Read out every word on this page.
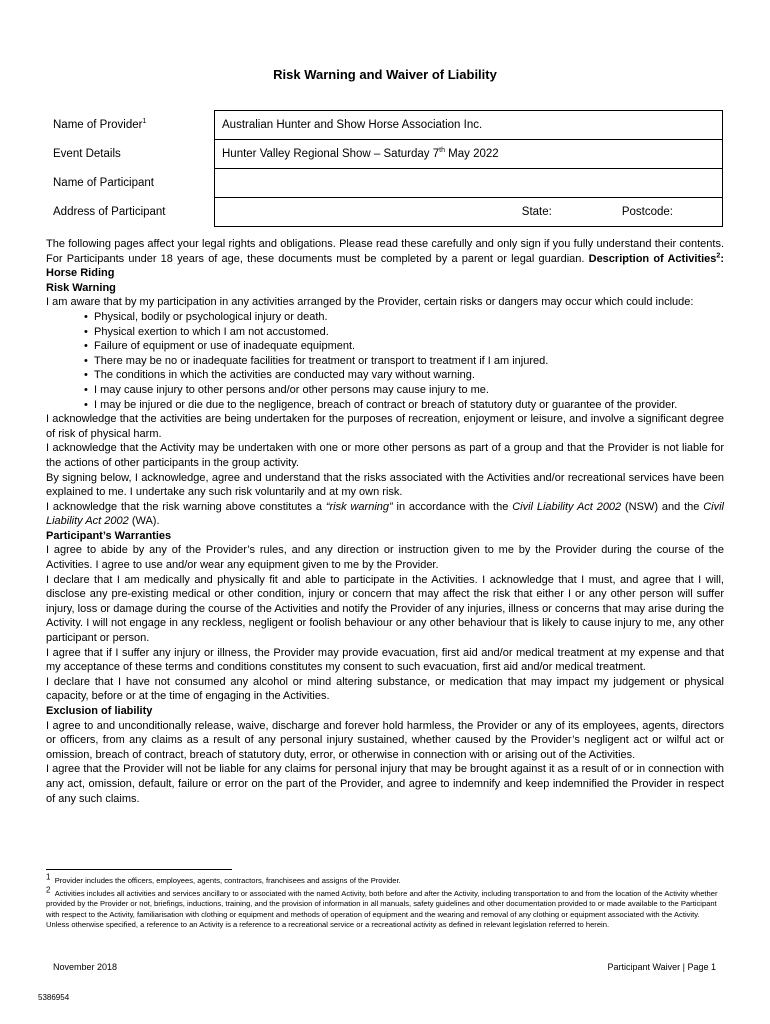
Risk Warning and Waiver of Liability
Name of Provider$^1$	Australian Hunter and Show Horse Association Inc.
Event Details	Hunter Valley Regional Show – Saturday 7th May 2022
Name of Participant	
Address of Participant	State: Postcode:

The following pages affect your legal rights and obligations. Please read these carefully and only sign if you fully understand their contents. For Participants under 18 years of age, these documents must be completed by a parent or legal guardian. Description of Activities$^2$: Horse Riding

Risk Warning

I am aware that by my participation in any activities arranged by the Provider, certain risks or dangers may occur which could include:

• Physical, bodily or psychological injury or death.
• Physical exertion to which I am not accustomed.
• Failure of equipment or use of inadequate equipment.
• There may be no or inadequate facilities for treatment or transport to treatment if I am injured.
• The conditions in which the activities are conducted may vary without warning.
• I may cause injury to other persons and/or other persons may cause injury to me.
• I may be injured or die due to the negligence, breach of contract or breach of statutory duty or guarantee of the provider.

I acknowledge that the activities are being undertaken for the purposes of recreation, enjoyment or leisure, and involve a significant degree of risk of physical harm.

I acknowledge that the Activity may be undertaken with one or more other persons as part of a group and that the Provider is not liable for the actions of other participants in the group activity.

By signing below, I acknowledge, agree and understand that the risks associated with the Activities and/or recreational services have been explained to me. I undertake any such risk voluntarily and at my own risk.

I acknowledge that the risk warning above constitutes a “risk warning” in accordance with the Civil Liability Act 2002 (NSW) and the Civil Liability Act 2002 (WA).

Participant’s Warranties

I agree to abide by any of the Provider’s rules, and any direction or instruction given to me by the Provider during the course of the Activities. I agree to use and/or wear any equipment given to me by the Provider.

I declare that I am medically and physically fit and able to participate in the Activities. I acknowledge that I must, and agree that I will, disclose any pre-existing medical or other condition, injury or concern that may affect the risk that either I or any other person will suffer injury, loss or damage during the course of the Activities and notify the Provider of any injuries, illness or concerns that may arise during the Activity. I will not engage in any reckless, negligent or foolish behaviour or any other behaviour that is likely to cause injury to me, any other participant or person.

I agree that if I suffer any injury or illness, the Provider may provide evacuation, first aid and/or medical treatment at my expense and that my acceptance of these terms and conditions constitutes my consent to such evacuation, first aid and/or medical treatment.

I declare that I have not consumed any alcohol or mind altering substance, or medication that may impact my judgement or physical capacity, before or at the time of engaging in the Activities.

Exclusion of liability

I agree to and unconditionally release, waive, discharge and forever hold harmless, the Provider or any of its employees, agents, directors or officers, from any claims as a result of any personal injury sustained, whether caused by the Provider’s negligent act or wilful act or omission, breach of contract, breach of statutory duty, error, or otherwise in connection with or arising out of the Activities.

I agree that the Provider will not be liable for any claims for personal injury that may be brought against it as a result of or in connection with any act, omission, default, failure or error on the part of the Provider, and agree to indemnify and keep indemnified the Provider in respect of any such claims.

$^1$ Provider includes the officers, employees, agents, contractors, franchisees and assigns of the Provider.
$^2$ Activities includes all activities and services ancillary to or associated with the named Activity, both before and after the Activity, including transportation to and from the location of the Activity whether provided by the Provider or not, briefings, inductions, training, and the provision of information in all manuals, safety guidelines and other documentation provided to or made available to the Participant with respect to the Activity, familiarisation with clothing or equipment and methods of operation of equipment and the wearing and removal of any clothing or equipment associated with the Activity. Unless otherwise specified, a reference to an Activity is a reference to a recreational service or a recreational activity as defined in relevant legislation referred to herein.
November 2018	Participant Waiver | Page 1
5386954
